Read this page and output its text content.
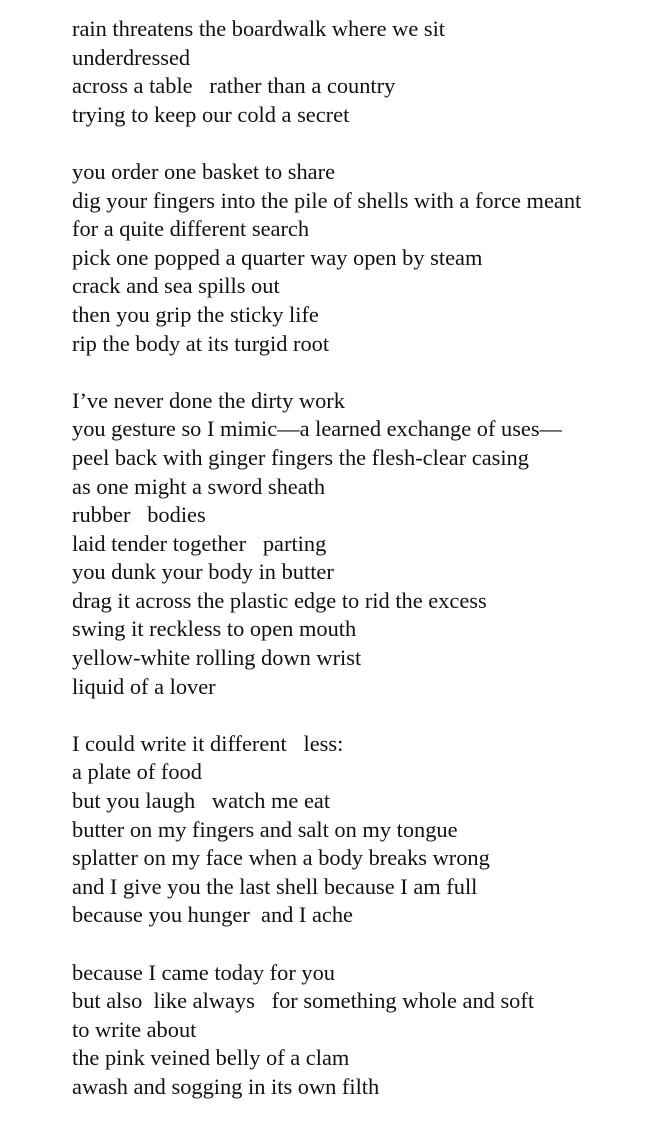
rain threatens the boardwalk where we sit
underdressed
across a table   rather than a country
trying to keep our cold a secret
you order one basket to share
dig your fingers into the pile of shells with a force meant
for a quite different search
pick one popped a quarter way open by steam
crack and sea spills out
then you grip the sticky life
rip the body at its turgid root
I’ve never done the dirty work
you gesture so I mimic—a learned exchange of uses—
peel back with ginger fingers the flesh-clear casing
as one might a sword sheath
rubber   bodies
laid tender together   parting
you dunk your body in butter
drag it across the plastic edge to rid the excess
swing it reckless to open mouth
yellow-white rolling down wrist
liquid of a lover
I could write it different   less:
a plate of food
but you laugh   watch me eat
butter on my fingers and salt on my tongue
splatter on my face when a body breaks wrong
and I give you the last shell because I am full
because you hunger  and I ache
because I came today for you
but also  like always   for something whole and soft
to write about
the pink veined belly of a clam
awash and sogging in its own filth
